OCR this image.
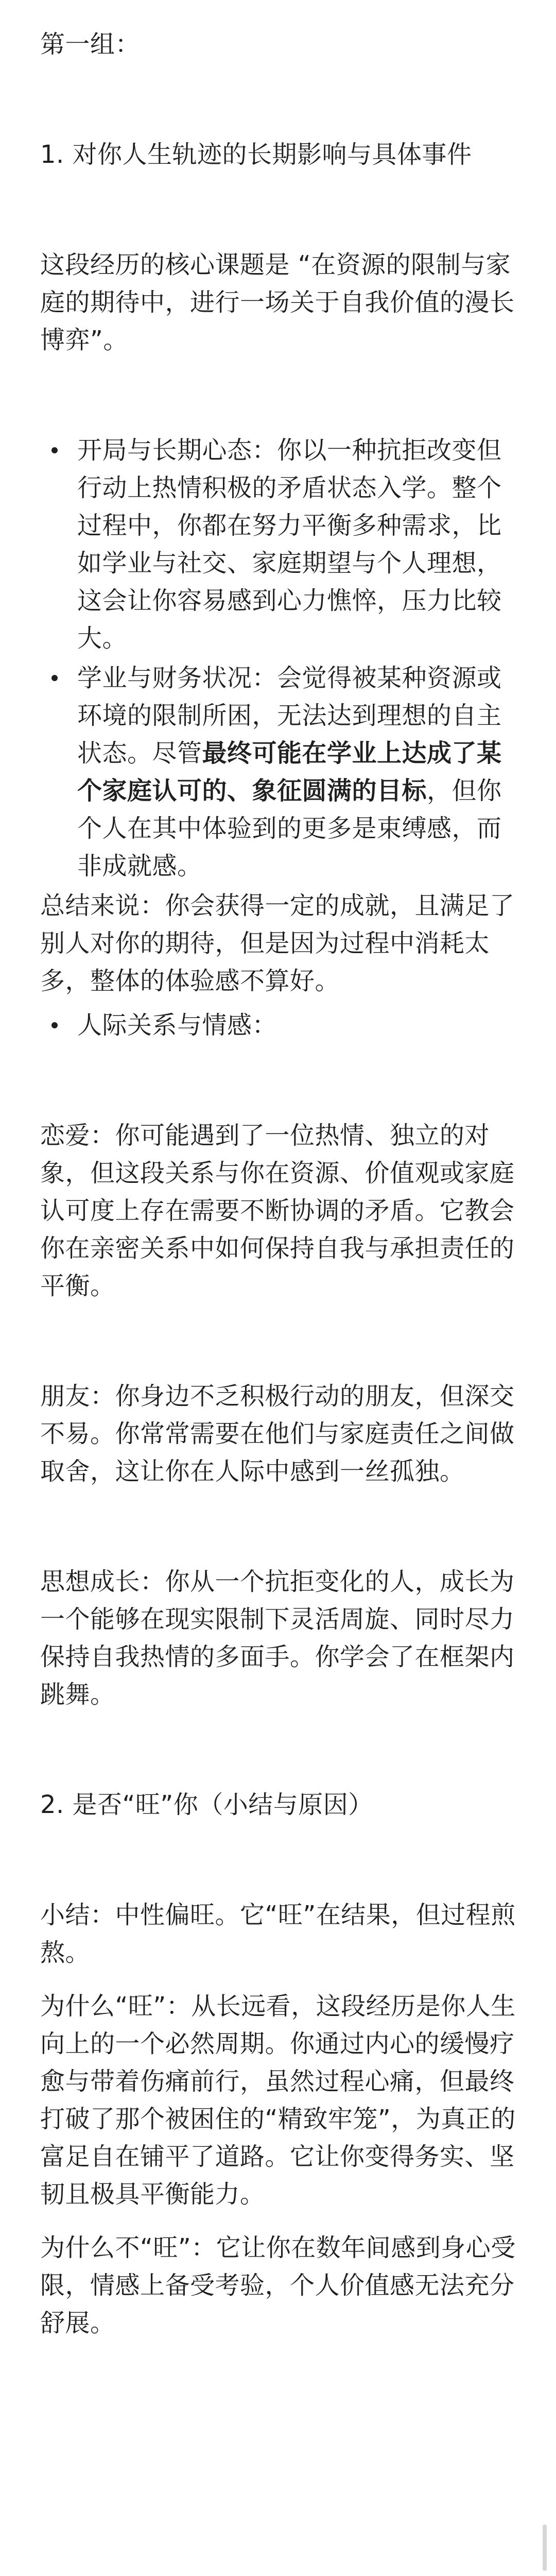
第一组：

1. 对你人生轨迹的长期影响与具体事件

这段经历的核心课题是 “在资源的限制与家

庭的期待中，进行一场关于自我价值的漫长

博弈”。

开局与长期心态：你以一种抗拒改变但

行动上热情积极的矛盾状态入学。整个

过程中，你都在努力平衡多种需求，比

如学业与社交、家庭期望与个人理想，

这会让你容易感到心力憔悴，压力比较

大。

学业与财务状况：会觉得被某种资源或

环境的限制所困，无法达到理想的自主

状态。尽管最终可能在学业上达成了某

个家庭认可的、象征圆满的目标，但你

个人在其中体验到的更多是束缚感，而

非成就感。

总结来说：你会获得一定的成就，且满足了

别人对你的期待，但是因为过程中消耗太

多，整体的体验感不算好。

人际关系与情感：

恋爱：你可能遇到了一位热情、独立的对

象，但这段关系与你在资源、价值观或家庭

认可度上存在需要不断协调的矛盾。它教会

你在亲密关系中如何保持自我与承担责任的

平衡。

朋友：你身边不乏积极行动的朋友，但深交

不易。你常常需要在他们与家庭责任之间做

取舍，这让你在人际中感到一丝孤独。

思想成长：你从一个抗拒变化的人，成长为

一个能够在现实限制下灵活周旋、同时尽力

保持自我热情的多面手。你学会了在框架内

跳舞。

2. 是否“旺”你（小结与原因）

小结：中性偏旺。它“旺”在结果，但过程煎

熬。

为什么“旺”：从长远看，这段经历是你人生

向上的一个必然周期。你通过内心的缓慢疗

愈与带着伤痛前行，虽然过程心痛，但最终

打破了那个被困住的“精致牢笼”，为真正的

富足自在铺平了道路。它让你变得务实、坚

韧且极具平衡能力。

为什么不“旺”：它让你在数年间感到身心受

限，情感上备受考验，个人价值感无法充分

舒展。
